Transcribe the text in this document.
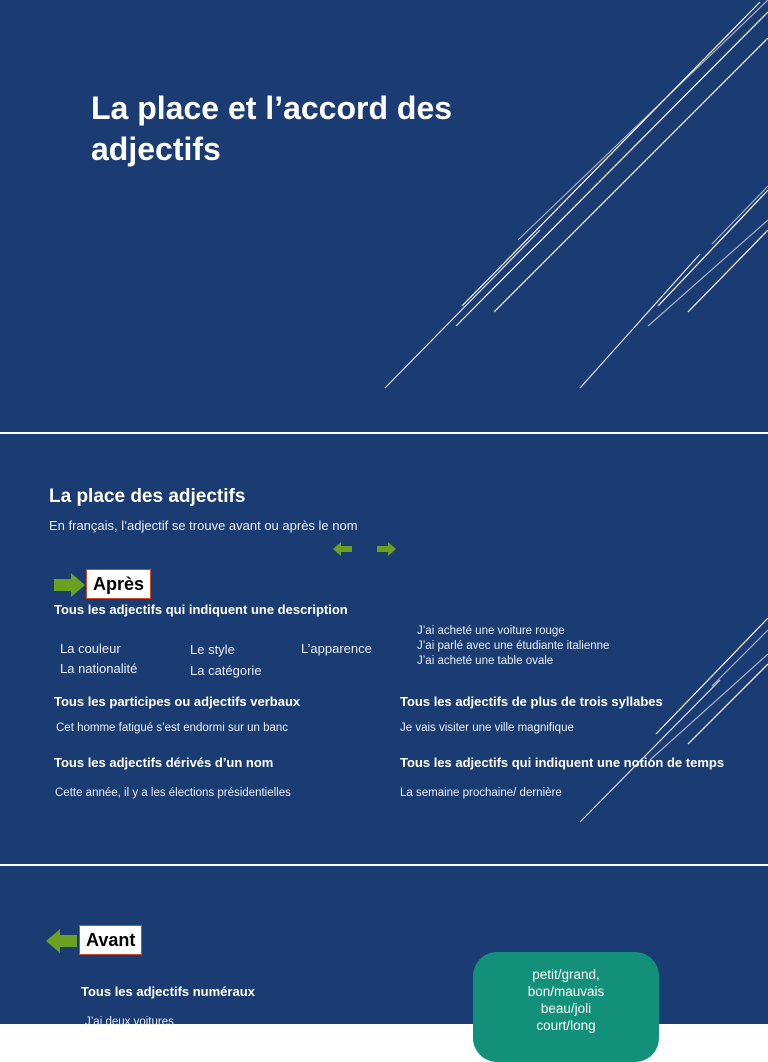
La place et l’accord des adjectifs
La place des adjectifs
En français, l’adjectif se trouve avant ou après le nom
Après
Tous les adjectifs qui indiquent une description
La couleur
La nationalité
Le style
La catégorie
L’apparence
J’ai acheté une voiture rouge
J’ai parlé avec une étudiante italienne
J’ai acheté une table ovale
Tous les participes ou adjectifs verbaux
Cet homme fatigué s’est endormi sur un banc
Tous les adjectifs de plus de trois syllabes
Je vais visiter une ville magnifique
Tous les adjectifs dérivés d’un nom
Cette année, il y a les élections présidentielles
Tous les adjectifs qui indiquent une notion de temps
La semaine prochaine/ dernière
Avant
Tous les adjectifs numéraux
J’ai deux voitures
petit/grand,
bon/mauvais
beau/joli
court/long
